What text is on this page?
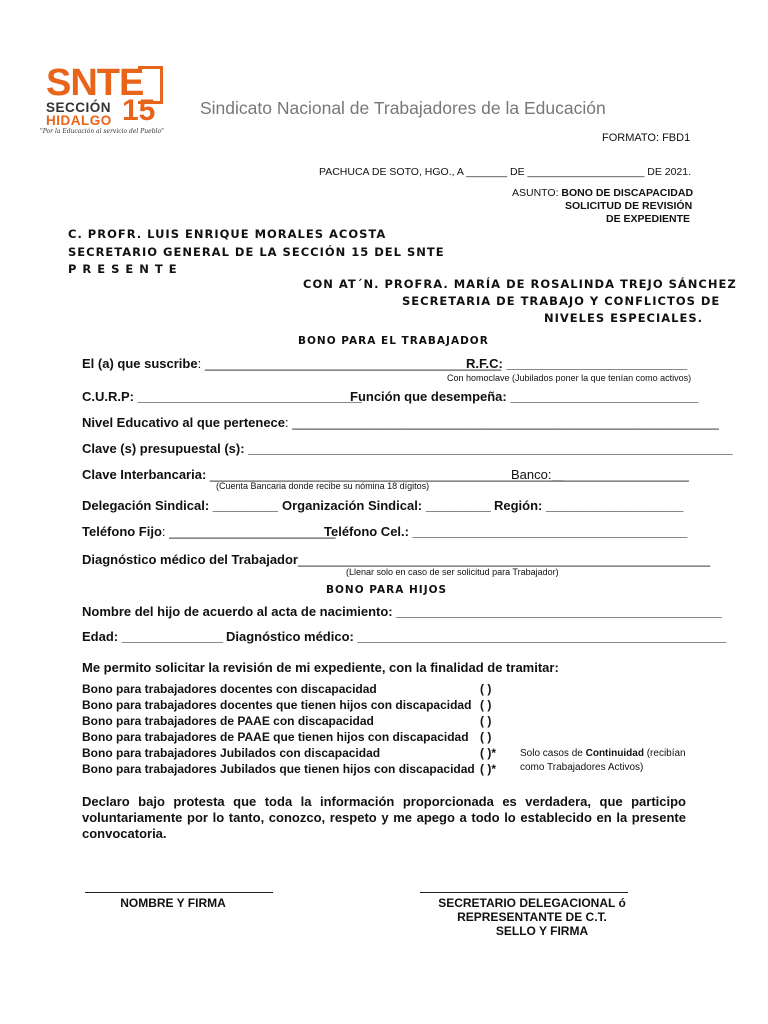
SNTE
SECCIÓN
HIDALGO 15
"Por la Educación al servicio del Pueblo"
Sindicato Nacional de Trabajadores de la Educación
FORMATO: FBD1
PACHUCA DE SOTO, HGO., A _______ DE ____________________ DE 2021.
ASUNTO: BONO DE DISCAPACIDAD
SOLICITUD DE REVISIÓN
DE EXPEDIENTE
C. PROFR. LUIS ENRIQUE MORALES ACOSTA
SECRETARIO GENERAL DE LA SECCIÓN 15 DEL SNTE
P R E S E N T E
CON AT´N. PROFRA. MARÍA DE ROSALINDA TREJO SÁNCHEZ
SECRETARIA DE TRABAJO Y CONFLICTOS DE
NIVELES ESPECIALES.
BONO PARA EL TRABAJADOR
El (a) que suscribe: _________________________________________
R.F.C: _________________________
Con homoclave (Jubilados poner la que tenían como activos)
C.U.R.P: _______________________________
Función que desempeña: __________________________
Nivel Educativo al que pertenece: ___________________________________________________________
Clave (s) presupuestal (s): ___________________________________________________________________
Clave Interbancaria: _________________________________________________
Banco:___________________
(Cuenta Bancaria donde recibe su nómina 18 dígitos)
Delegación Sindical: _________ Organización Sindical: _________ Región: ___________________
Teléfono Fijo: _______________________
Teléfono Cel.: ______________________________________
Diagnóstico médico del Trabajador_________________________________________________________
(Llenar solo en caso de ser solicitud para Trabajador)
BONO PARA HIJOS
Nombre del hijo de acuerdo al acta de nacimiento: _____________________________________________
Edad: ______________ Diagnóstico médico: ___________________________________________________
Me permito solicitar la revisión de mi expediente, con la finalidad de tramitar:
Bono para trabajadores docentes con discapacidad	( )
Bono para trabajadores docentes que tienen hijos con discapacidad ( )
Bono para trabajadores de PAAE con discapacidad	( )
Bono para trabajadores de PAAE que tienen hijos con discapacidad ( )
Bono para trabajadores Jubilados con discapacidad	( )*
Bono para trabajadores Jubilados que tienen hijos con discapacidad ( )*
Solo casos de Continuidad (recibían
como Trabajadores Activos)
Declaro bajo protesta que toda la información proporcionada es verdadera, que participo
voluntariamente por lo tanto, conozco, respeto y me apego a todo lo establecido en la presente
convocatoria.
NOMBRE Y FIRMA	SECRETARIO DELEGACIONAL ó
REPRESENTANTE DE C.T.
SELLO Y FIRMA
